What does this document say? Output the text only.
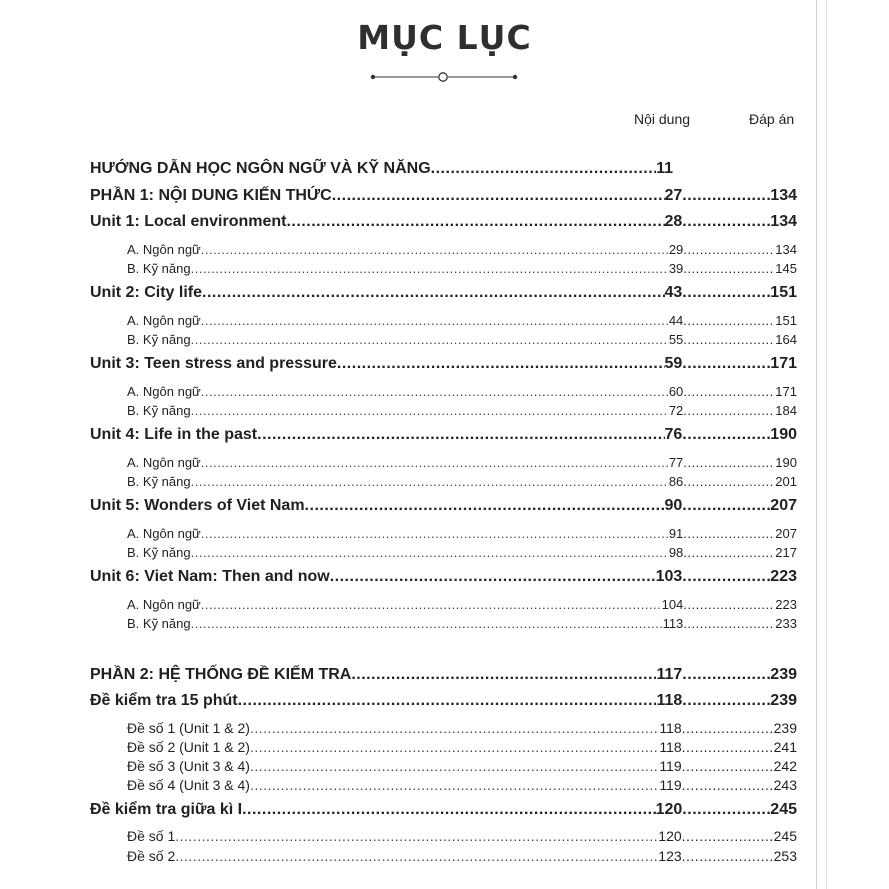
MỤC LỤC
Nội dung	Đáp án
HƯỚNG DẪN HỌC NGÔN NGỮ VÀ KỸ NĂNG .....	11
PHẦN 1: NỘI DUNG KIẾN THỨC .....	27 .....	134
Unit 1: Local environment .....	28 .....	134
A. Ngôn ngữ .....	29 .....	134
B. Kỹ năng .....	39 .....	145
Unit 2: City life .....	43 .....	151
A. Ngôn ngữ .....	44 .....	151
B. Kỹ năng .....	55 .....	164
Unit 3: Teen stress and pressure .....	59 .....	171
A. Ngôn ngữ .....	60 .....	171
B. Kỹ năng .....	72 .....	184
Unit 4: Life in the past .....	76 .....	190
A. Ngôn ngữ .....	77 .....	190
B. Kỹ năng .....	86 .....	201
Unit 5: Wonders of Viet Nam .....	90 .....	207
A. Ngôn ngữ .....	91 .....	207
B. Kỹ năng .....	98 .....	217
Unit 6: Viet Nam: Then and now .....	103 .....	223
A. Ngôn ngữ .....	104 .....	223
B. Kỹ năng .....	113 .....	233
PHẦN 2: HỆ THỐNG ĐỀ KIỂM TRA .....	117 .....	239
Đề kiểm tra 15 phút .....	118 .....	239
Đề số 1 (Unit 1 & 2) .....	118 .....	239
Đề số 2 (Unit 1 & 2) .....	118 .....	241
Đề số 3 (Unit 3 & 4) .....	119 .....	242
Đề số 4 (Unit 3 & 4) .....	119 .....	243
Đề kiểm tra giữa kì I .....	120 .....	245
Đề số 1 .....	120 .....	245
Đề số 2 .....	123 .....	253
